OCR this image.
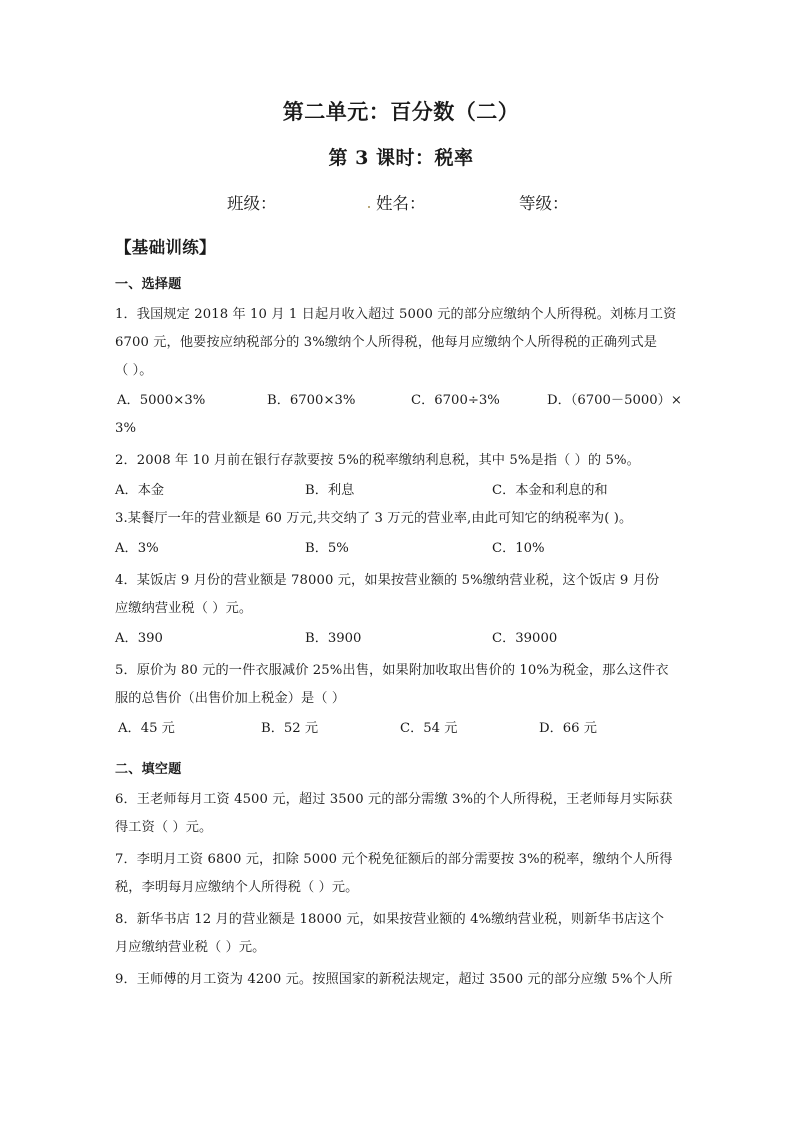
第二单元：百分数（二）
第 3 课时：税率
班级：	姓名：	等级：
【基础训练】
一、选择题

1．我国规定 2018 年 10 月 1 日起月收入超过 5000 元的部分应缴纳个人所得税。刘栋月工资

6700 元，他要按应纳税部分的 3%缴纳个人所得税，他每月应缴纳个人所得税的正确列式是

（ ）。

A．5000×3%	B．6700×3%	C．6700÷3%	D．（6700－5000）×

3%

2．2008 年 10 月前在银行存款要按 5%的税率缴纳利息税，其中 5%是指（ ）的 5%。

A．本金	B．利息	C．本金和利息的和

3.某餐厅一年的营业额是 60 万元,共交纳了 3 万元的营业率,由此可知它的纳税率为( )。

A．3%	B．5%	C．10%

4．某饭店 9 月份的营业额是 78000 元，如果按营业额的 5%缴纳营业税，这个饭店 9 月份

应缴纳营业税（ ）元。

A．390	B．3900	C．39000

5．原价为 80 元的一件衣服减价 25%出售，如果附加收取出售价的 10%为税金，那么这件衣

服的总售价（出售价加上税金）是（ ）

A．45 元	B．52 元	C．54 元	D．66 元
二、填空题

6．王老师每月工资 4500 元，超过 3500 元的部分需缴 3%的个人所得税，王老师每月实际获

得工资（ ）元。

7．李明月工资 6800 元，扣除 5000 元个税免征额后的部分需要按 3%的税率，缴纳个人所得

税，李明每月应缴纳个人所得税（ ）元。

8．新华书店 12 月的营业额是 18000 元，如果按营业额的 4%缴纳营业税，则新华书店这个

月应缴纳营业税（ ）元。

9．王师傅的月工资为 4200 元。按照国家的新税法规定，超过 3500 元的部分应缴 5%个人所
